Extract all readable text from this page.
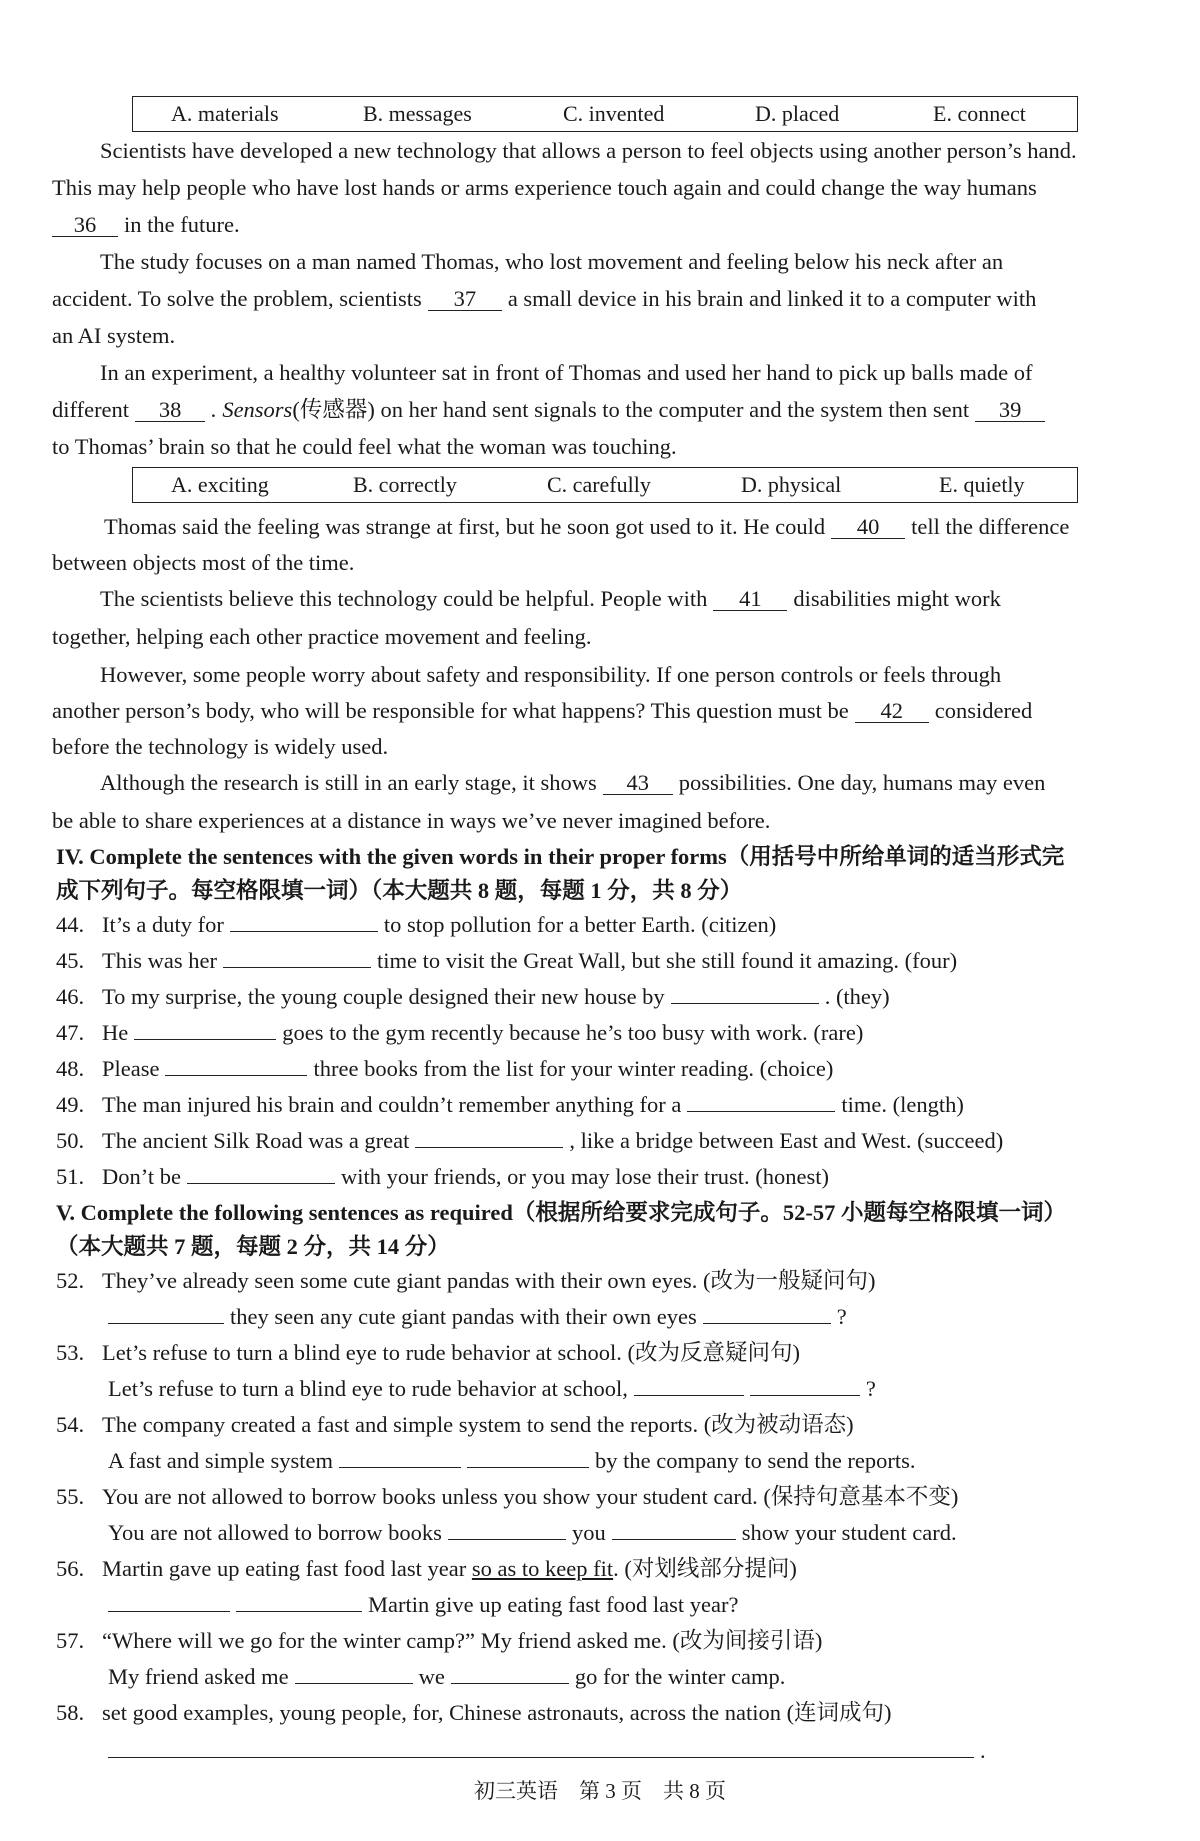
A. materials	B. messages	C. invented	D. placed	E. connect
Scientists have developed a new technology that allows a person to feel objects using another person’s hand.
This may help people who have lost hands or arms experience touch again and could change the way humans
36 in the future.
The study focuses on a man named Thomas, who lost movement and feeling below his neck after an
accident. To solve the problem, scientists 37 a small device in his brain and linked it to a computer with
an AI system.
In an experiment, a healthy volunteer sat in front of Thomas and used her hand to pick up balls made of
different 38 . Sensors(传感器) on her hand sent signals to the computer and the system then sent 39
to Thomas’ brain so that he could feel what the woman was touching.
A. exciting	B. correctly	C. carefully	D. physical	E. quietly
Thomas said the feeling was strange at first, but he soon got used to it. He could 40 tell the difference
between objects most of the time.
The scientists believe this technology could be helpful. People with 41 disabilities might work
together, helping each other practice movement and feeling.
However, some people worry about safety and responsibility. If one person controls or feels through
another person’s body, who will be responsible for what happens? This question must be 42 considered
before the technology is widely used.
Although the research is still in an early stage, it shows 43 possibilities. One day, humans may even
be able to share experiences at a distance in ways we’ve never imagined before.
IV. Complete the sentences with the given words in their proper forms（用括号中所给单词的适当形式完
成下列句子。每空格限填一词）（本大题共 8 题，每题 1 分，共 8 分）
44. It’s a duty for	to stop pollution for a better Earth. (citizen)
45. This was her	time to visit the Great Wall, but she still found it amazing. (four)
46. To my surprise, the young couple designed their new house by	. (they)
47. He	goes to the gym recently because he’s too busy with work. (rare)
48. Please	three books from the list for your winter reading. (choice)
49. The man injured his brain and couldn’t remember anything for a	time. (length)
50. The ancient Silk Road was a great	, like a bridge between East and West. (succeed)
51. Don’t be	with your friends, or you may lose their trust. (honest)
V. Complete the following sentences as required（根据所给要求完成句子。52-57 小题每空格限填一词）
（本大题共 7 题，每题 2 分，共 14 分）
52. They’ve already seen some cute giant pandas with their own eyes. (改为一般疑问句)
they seen any cute giant pandas with their own eyes	?
53. Let’s refuse to turn a blind eye to rude behavior at school. (改为反意疑问句)
Let’s refuse to turn a blind eye to rude behavior at school,	?
54. The company created a fast and simple system to send the reports. (改为被动语态)
A fast and simple system	by the company to send the reports.
55. You are not allowed to borrow books unless you show your student card. (保持句意基本不变)
You are not allowed to borrow books	you	show your student card.
56. Martin gave up eating fast food last year so as to keep fit. (对划线部分提问)
Martin give up eating fast food last year?
57. “Where will we go for the winter camp?” My friend asked me. (改为间接引语)
My friend asked me	we	go for the winter camp.
58. set good examples, young people, for, Chinese astronauts, across the nation (连词成句)
.
初三英语　第 3 页　共 8 页
